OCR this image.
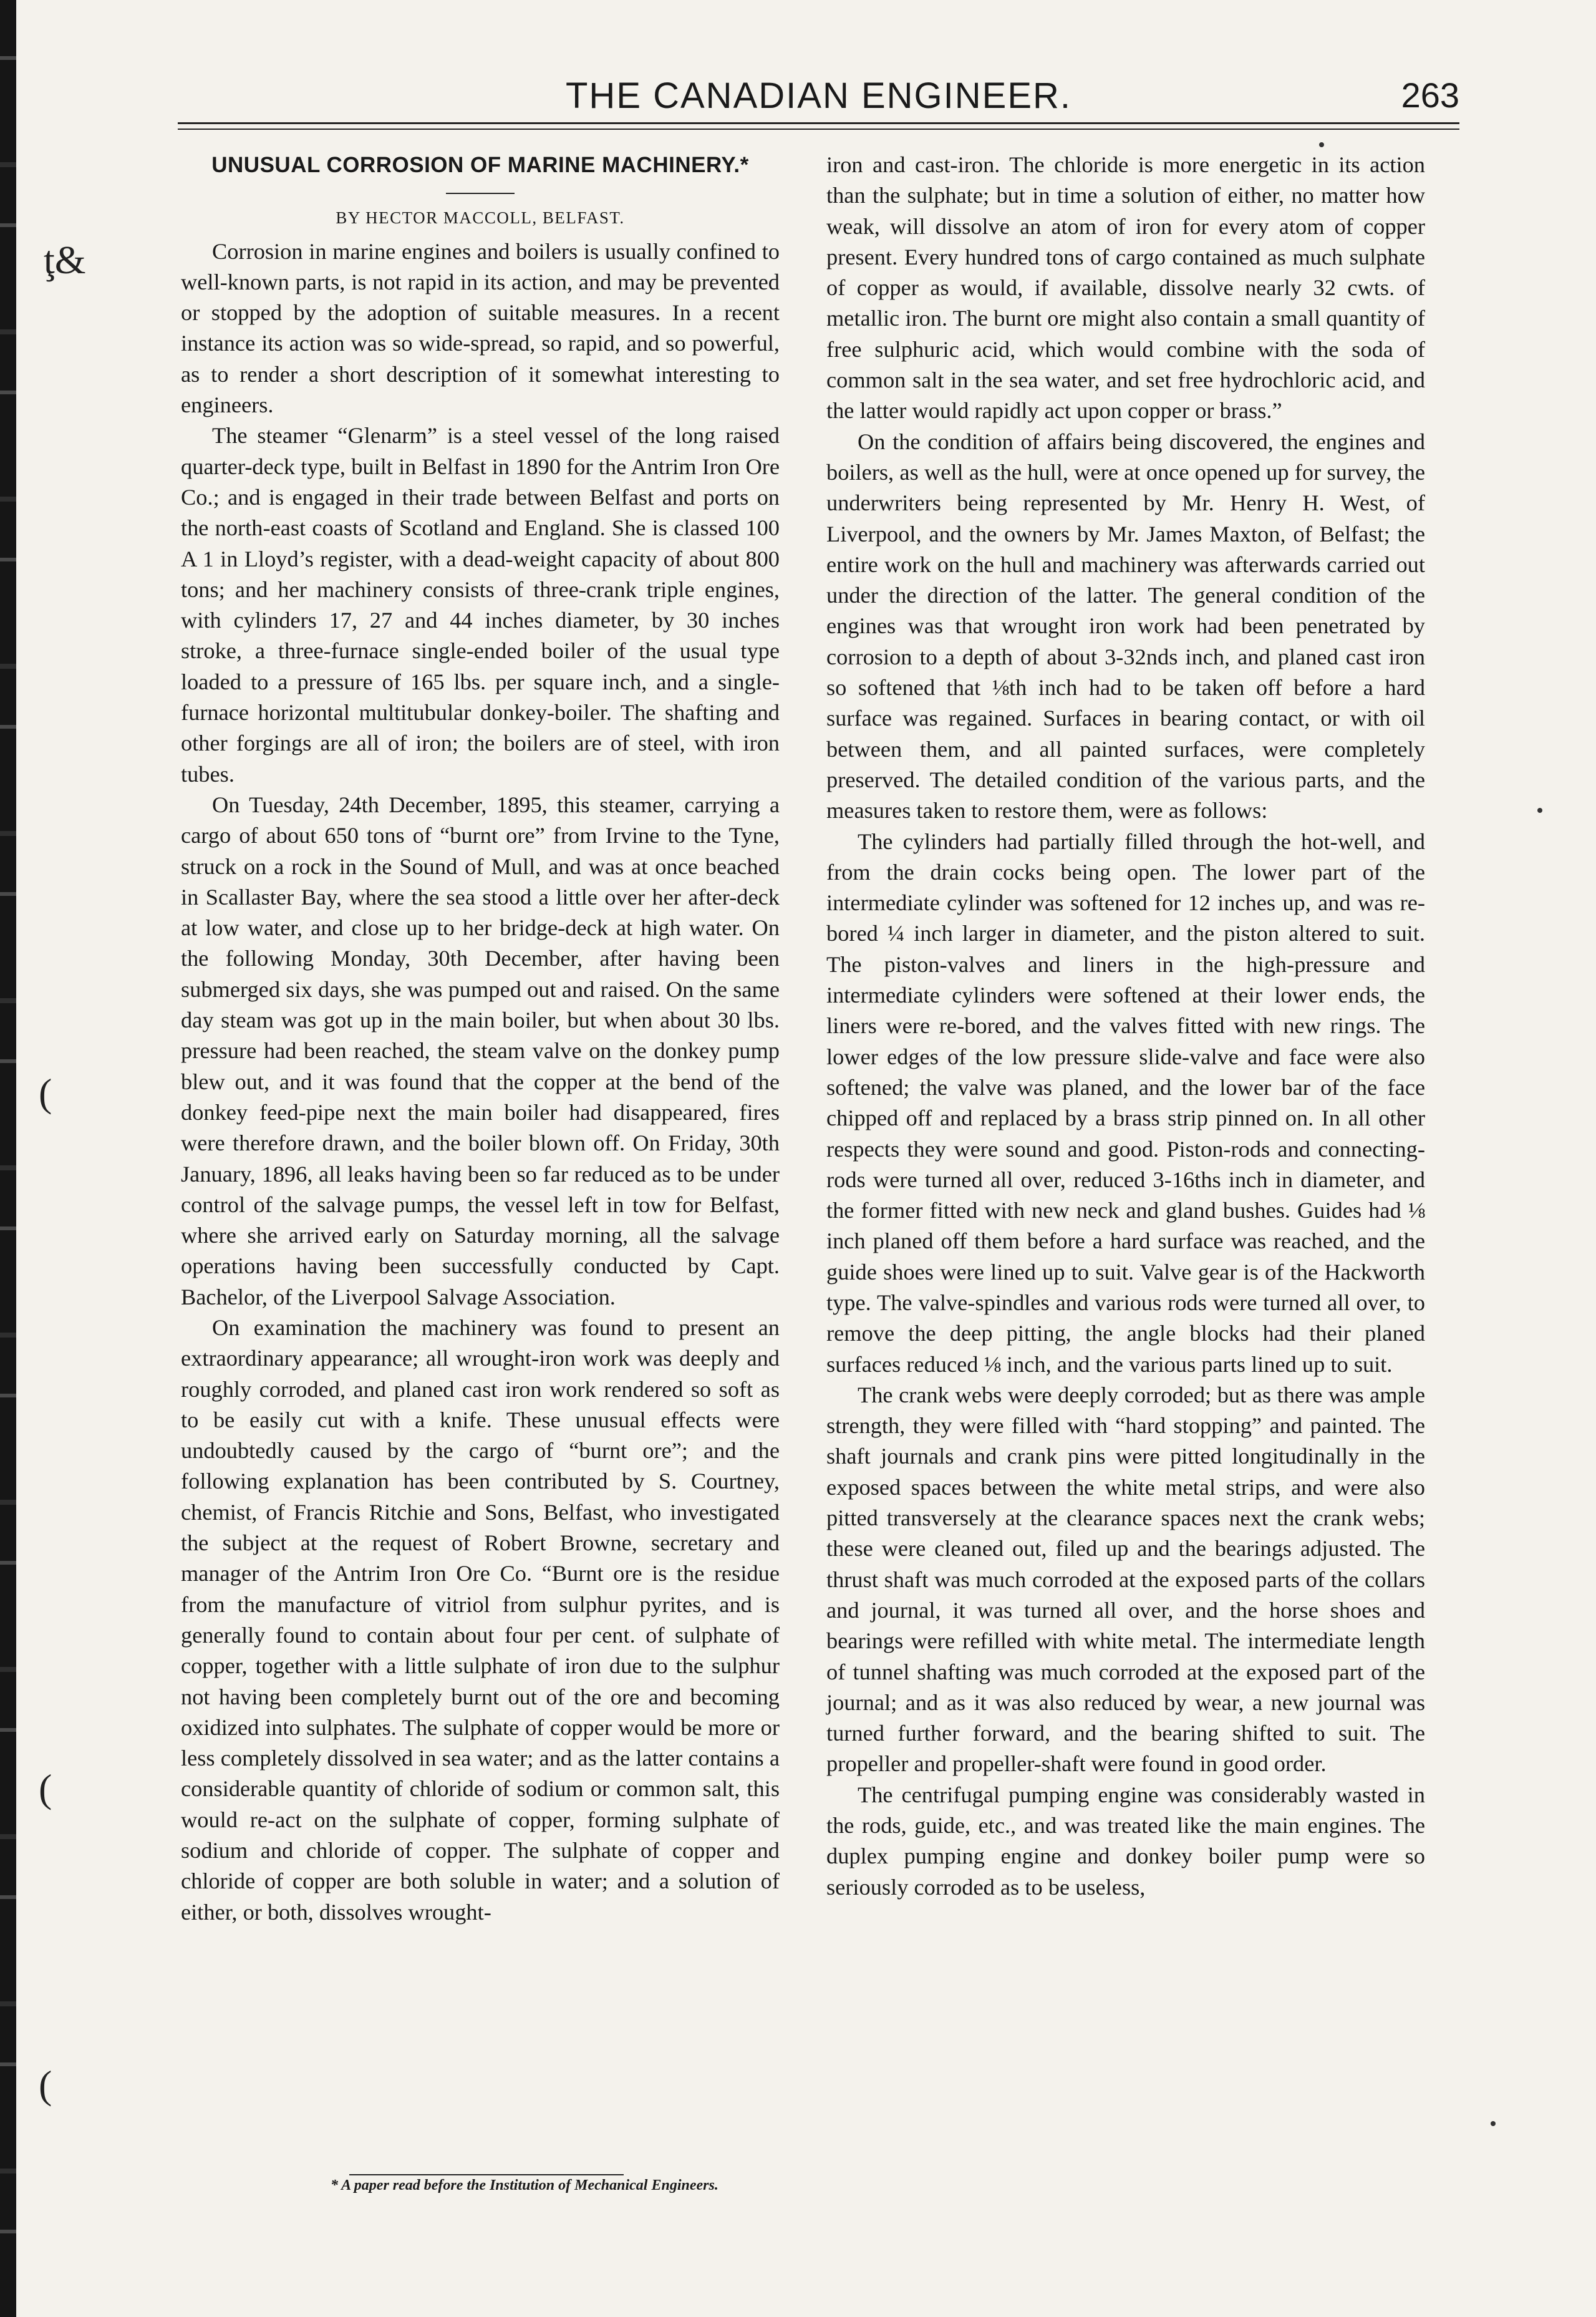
ţ&
(
(
(
THE CANADIAN ENGINEER.	263

UNUSUAL CORROSION OF MARINE MACHINERY.*

BY HECTOR MACCOLL, BELFAST.

Corrosion in marine engines and boilers is usually confined to well-known parts, is not rapid in its action, and may be prevented or stopped by the adoption of suitable measures. In a recent instance its action was so wide-spread, so rapid, and so powerful, as to render a short description of it somewhat interesting to engineers.

The steamer “Glenarm” is a steel vessel of the long raised quarter-deck type, built in Belfast in 1890 for the Antrim Iron Ore Co.; and is engaged in their trade between Belfast and ports on the north-east coasts of Scotland and England. She is classed 100 A 1 in Lloyd’s register, with a dead-weight capacity of about 800 tons; and her machinery consists of three-crank triple engines, with cylinders 17, 27 and 44 inches diameter, by 30 inches stroke, a three-furnace single-ended boiler of the usual type loaded to a pressure of 165 lbs. per square inch, and a single-furnace horizontal multitubular donkey-boiler. The shafting and other forgings are all of iron; the boilers are of steel, with iron tubes.

On Tuesday, 24th December, 1895, this steamer, carrying a cargo of about 650 tons of “burnt ore” from Irvine to the Tyne, struck on a rock in the Sound of Mull, and was at once beached in Scallaster Bay, where the sea stood a little over her after-deck at low water, and close up to her bridge-deck at high water. On the following Monday, 30th December, after having been submerged six days, she was pumped out and raised. On the same day steam was got up in the main boiler, but when about 30 lbs. pressure had been reached, the steam valve on the donkey pump blew out, and it was found that the copper at the bend of the donkey feed-pipe next the main boiler had disappeared, fires were therefore drawn, and the boiler blown off. On Friday, 30th January, 1896, all leaks having been so far reduced as to be under control of the salvage pumps, the vessel left in tow for Belfast, where she arrived early on Saturday morning, all the salvage operations having been successfully conducted by Capt. Bachelor, of the Liverpool Salvage Association.

On examination the machinery was found to present an extraordinary appearance; all wrought-iron work was deeply and roughly corroded, and planed cast iron work rendered so soft as to be easily cut with a knife. These unusual effects were undoubtedly caused by the cargo of “burnt ore”; and the following explanation has been contributed by S. Courtney, chemist, of Francis Ritchie and Sons, Belfast, who investigated the subject at the request of Robert Browne, secretary and manager of the Antrim Iron Ore Co. “Burnt ore is the residue from the manufacture of vitriol from sulphur pyrites, and is generally found to contain about four per cent. of sulphate of copper, together with a little sulphate of iron due to the sulphur not having been completely burnt out of the ore and becoming oxidized into sulphates. The sulphate of copper would be more or less completely dissolved in sea water; and as the latter contains a considerable quantity of chloride of sodium or common salt, this would re-act on the sulphate of copper, forming sulphate of sodium and chloride of copper. The sulphate of copper and chloride of copper are both soluble in water; and a solution of either, or both, dissolves wrought-

iron and cast-iron. The chloride is more energetic in its action than the sulphate; but in time a solution of either, no matter how weak, will dissolve an atom of iron for every atom of copper present. Every hundred tons of cargo contained as much sulphate of copper as would, if available, dissolve nearly 32 cwts. of metallic iron. The burnt ore might also contain a small quantity of free sulphuric acid, which would combine with the soda of common salt in the sea water, and set free hydrochloric acid, and the latter would rapidly act upon copper or brass.”

On the condition of affairs being discovered, the engines and boilers, as well as the hull, were at once opened up for survey, the underwriters being represented by Mr. Henry H. West, of Liverpool, and the owners by Mr. James Maxton, of Belfast; the entire work on the hull and machinery was afterwards carried out under the direction of the latter. The general condition of the engines was that wrought iron work had been penetrated by corrosion to a depth of about 3-32nds inch, and planed cast iron so softened that ⅛th inch had to be taken off before a hard surface was regained. Surfaces in bearing contact, or with oil between them, and all painted surfaces, were completely preserved. The detailed condition of the various parts, and the measures taken to restore them, were as follows:

The cylinders had partially filled through the hot-well, and from the drain cocks being open. The lower part of the intermediate cylinder was softened for 12 inches up, and was re-bored ¼ inch larger in diameter, and the piston altered to suit. The piston-valves and liners in the high-pressure and intermediate cylinders were softened at their lower ends, the liners were re-bored, and the valves fitted with new rings. The lower edges of the low pressure slide-valve and face were also softened; the valve was planed, and the lower bar of the face chipped off and replaced by a brass strip pinned on. In all other respects they were sound and good. Piston-rods and connecting-rods were turned all over, reduced 3-16ths inch in diameter, and the former fitted with new neck and gland bushes. Guides had ⅛ inch planed off them before a hard surface was reached, and the guide shoes were lined up to suit. Valve gear is of the Hackworth type. The valve-spindles and various rods were turned all over, to remove the deep pitting, the angle blocks had their planed surfaces reduced ⅛ inch, and the various parts lined up to suit.

The crank webs were deeply corroded; but as there was ample strength, they were filled with “hard stopping” and painted. The shaft journals and crank pins were pitted longitudinally in the exposed spaces between the white metal strips, and were also pitted transversely at the clearance spaces next the crank webs; these were cleaned out, filed up and the bearings adjusted. The thrust shaft was much corroded at the exposed parts of the collars and journal, it was turned all over, and the horse shoes and bearings were refilled with white metal. The intermediate length of tunnel shafting was much corroded at the exposed part of the journal; and as it was also reduced by wear, a new journal was turned further forward, and the bearing shifted to suit. The propeller and propeller-shaft were found in good order.

The centrifugal pumping engine was considerably wasted in the rods, guide, etc., and was treated like the main engines. The duplex pumping engine and donkey boiler pump were so seriously corroded as to be useless,

* A paper read before the Institution of Mechanical Engineers.
